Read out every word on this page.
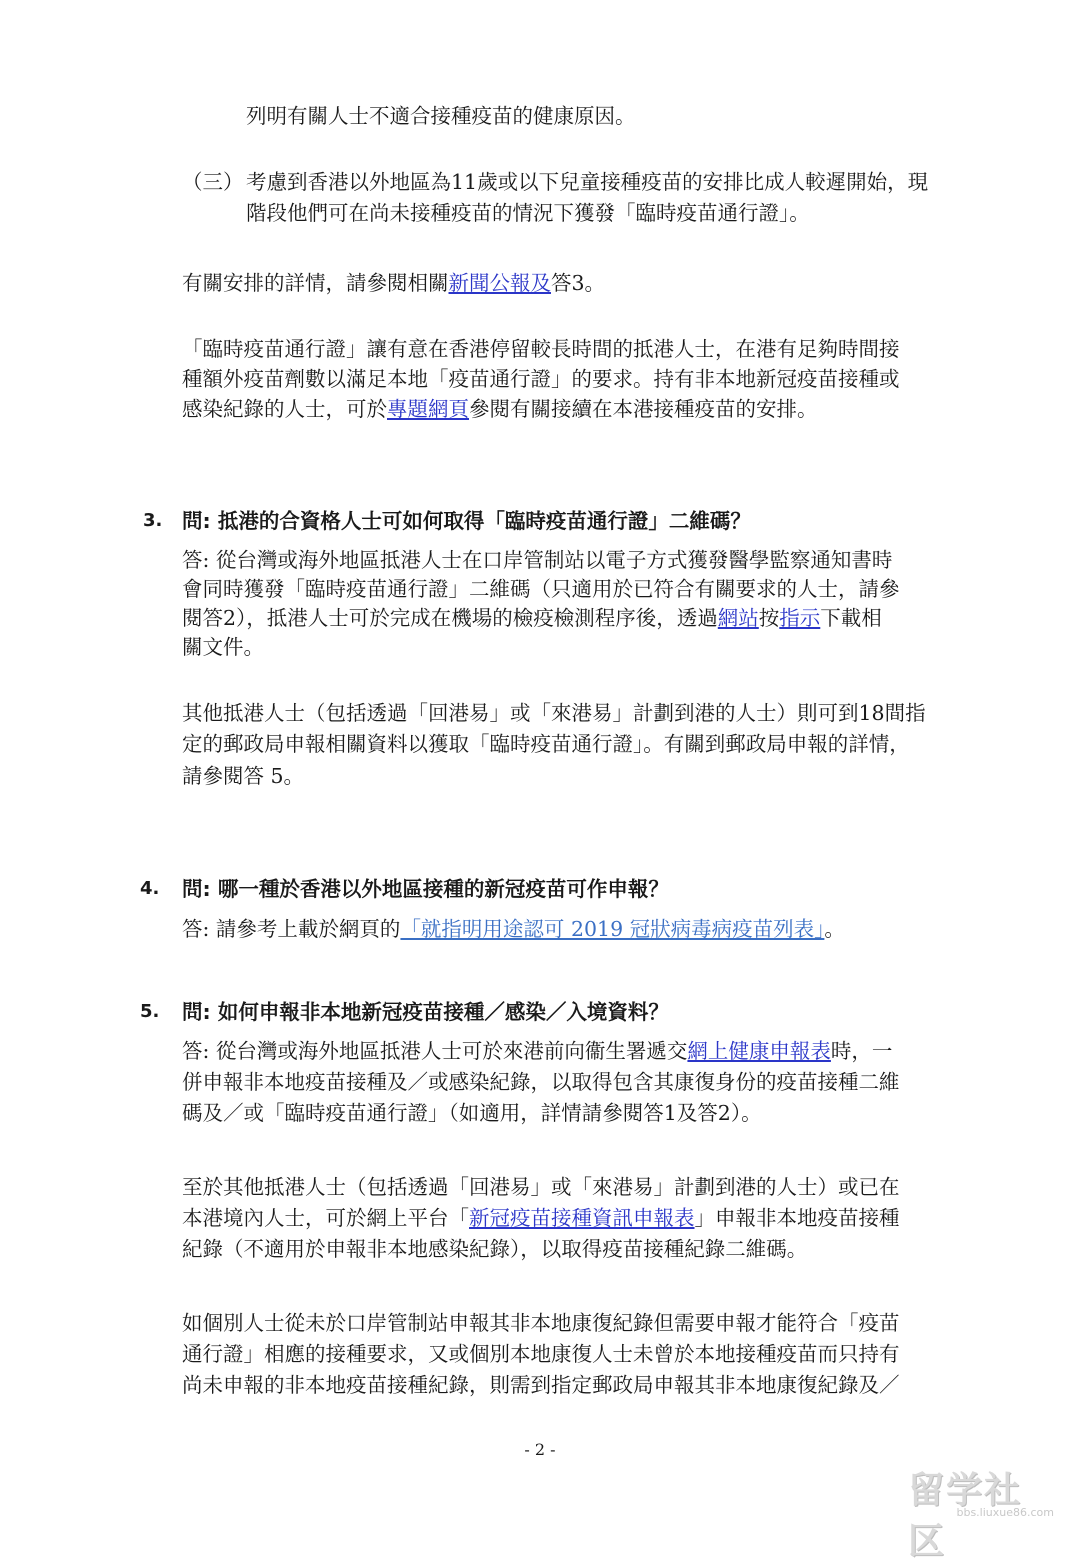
列明有關人士不適合接種疫苗的健康原因。
（三） 考慮到香港以外地區為11歲或以下兒童接種疫苗的安排比成人較遲開始，現
階段他們可在尚未接種疫苗的情況下獲發「臨時疫苗通行證」。
有關安排的詳情，請參閱相關新聞公報及答3。
「臨時疫苗通行證」讓有意在香港停留較長時間的抵港人士，在港有足夠時間接
種額外疫苗劑數以滿足本地「疫苗通行證」的要求。持有非本地新冠疫苗接種或
感染紀錄的人士，可於專題網頁參閱有關接續在本港接種疫苗的安排。
3. 問: 抵港的合資格人士可如何取得「臨時疫苗通行證」二維碼？
答: 從台灣或海外地區抵港人士在口岸管制站以電子方式獲發醫學監察通知書時
會同時獲發「臨時疫苗通行證」二維碼（只適用於已符合有關要求的人士，請參
閱答2），抵港人士可於完成在機場的檢疫檢測程序後，透過網站按指示下載相
關文件。
其他抵港人士（包括透過「回港易」或「來港易」計劃到港的人士）則可到18間指
定的郵政局申報相關資料以獲取「臨時疫苗通行證」。有關到郵政局申報的詳情，
請參閱答 5。
4. 問: 哪一種於香港以外地區接種的新冠疫苗可作申報？
答: 請參考上載於網頁的「就指明用途認可 2019 冠狀病毒病疫苗列表」。
5. 問: 如何申報非本地新冠疫苗接種／感染／入境資料？
答: 從台灣或海外地區抵港人士可於來港前向衞生署遞交網上健康申報表時，一
併申報非本地疫苗接種及／或感染紀錄，以取得包含其康復身份的疫苗接種二維
碼及／或「臨時疫苗通行證」（如適用，詳情請參閱答1及答2）。
至於其他抵港人士（包括透過「回港易」或「來港易」計劃到港的人士）或已在
本港境內人士，可於網上平台「新冠疫苗接種資訊申報表」申報非本地疫苗接種
紀錄（不適用於申報非本地感染紀錄），以取得疫苗接種紀錄二維碼。
如個別人士從未於口岸管制站申報其非本地康復紀錄但需要申報才能符合「疫苗
通行證」相應的接種要求，又或個別本地康復人士未曾於本地接種疫苗而只持有
尚未申報的非本地疫苗接種紀錄，則需到指定郵政局申報其非本地康復紀錄及／
- 2 -
留学社区
bbs.liuxue86.com
